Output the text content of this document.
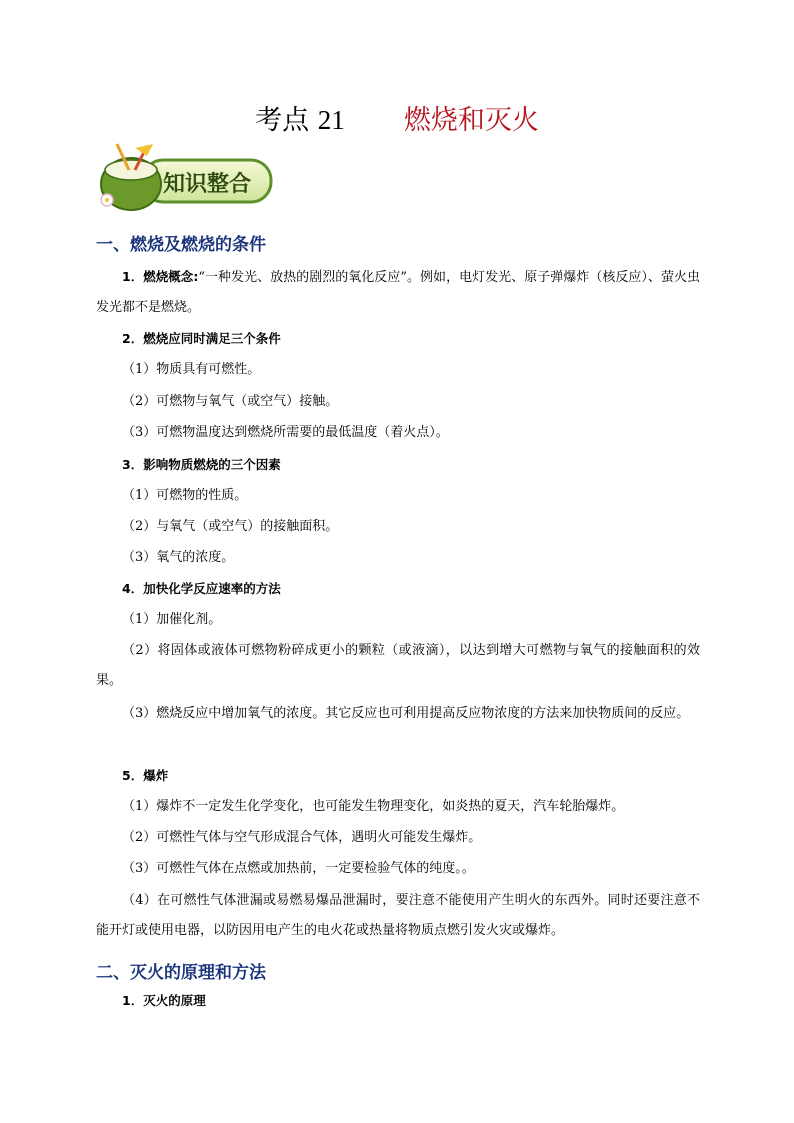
考点 21 燃烧和灭火
知识整合
一、燃烧及燃烧的条件
1．燃烧概念:“一种发光、放热的剧烈的氧化反应”。例如，电灯发光、原子弹爆炸（核反应）、萤火虫发光都不是燃烧。
2．燃烧应同时满足三个条件
（1）物质具有可燃性。
（2）可燃物与氧气（或空气）接触。
（3）可燃物温度达到燃烧所需要的最低温度（着火点）。
3．影响物质燃烧的三个因素
（1）可燃物的性质。
（2）与氧气（或空气）的接触面积。
（3）氧气的浓度。
4．加快化学反应速率的方法
（1）加催化剂。
（2）将固体或液体可燃物粉碎成更小的颗粒（或液滴），以达到增大可燃物与氧气的接触面积的效果。
（3）燃烧反应中增加氧气的浓度。其它反应也可利用提高反应物浓度的方法来加快物质间的反应。
5．爆炸
（1）爆炸不一定发生化学变化，也可能发生物理变化，如炎热的夏天，汽车轮胎爆炸。
（2）可燃性气体与空气形成混合气体，遇明火可能发生爆炸。
（3）可燃性气体在点燃或加热前，一定要检验气体的纯度。。
（4）在可燃性气体泄漏或易燃易爆品泄漏时，要注意不能使用产生明火的东西外。同时还要注意不能开灯或使用电器，以防因用电产生的电火花或热量将物质点燃引发火灾或爆炸。
二、灭火的原理和方法
1．灭火的原理
